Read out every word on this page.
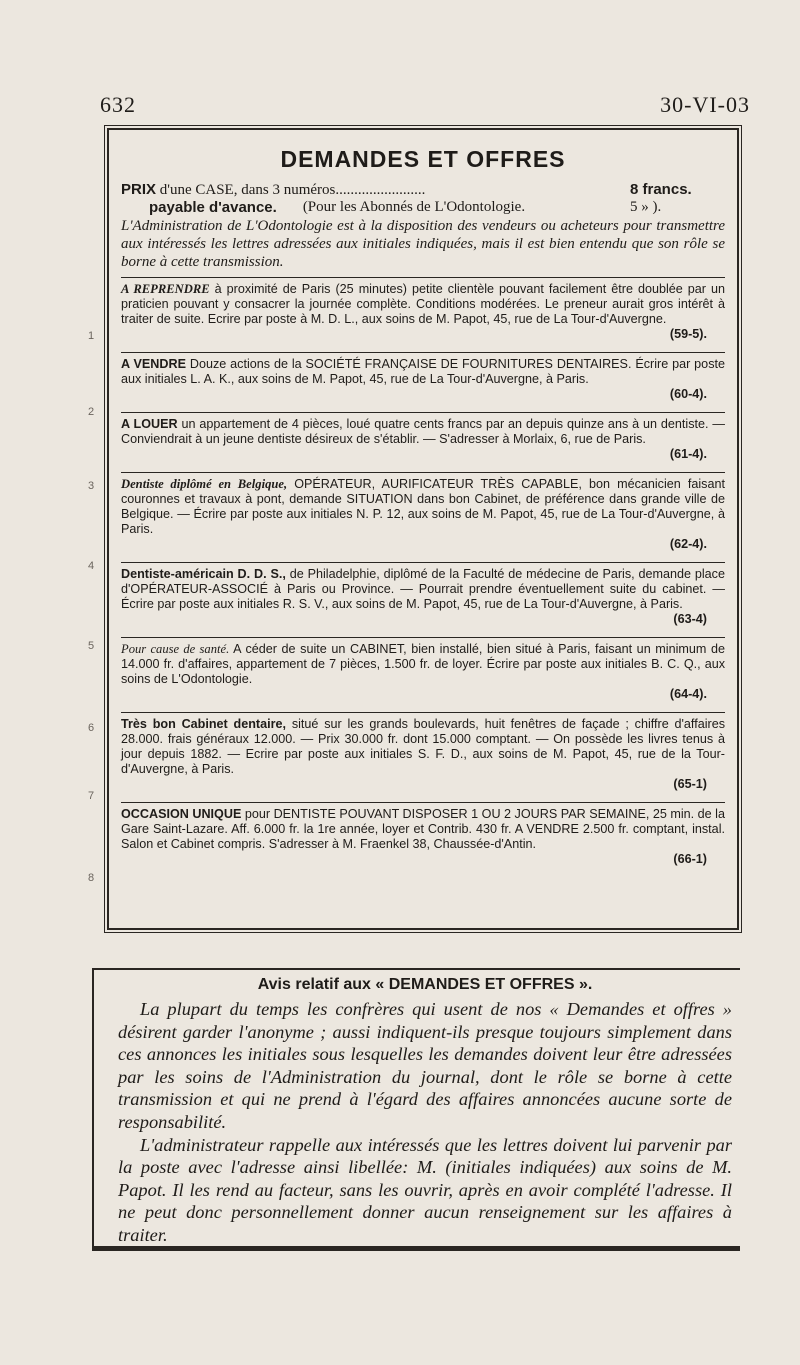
632	30-VI-03
1
2
3
4
5
6
7
8
DEMANDES ET OFFRES
PRIX d'une CASE, dans 3 numéros........................	8 francs.
payable d'avance.	(Pour les Abonnés de L'Odontologie.	5 » ).
L'Administration de L'Odontologie est à la disposition des vendeurs ou acheteurs pour transmettre aux intéressés les lettres adressées aux initiales indiquées, mais il est bien entendu que son rôle se borne à cette transmission.
A REPRENDRE à proximité de Paris (25 minutes) petite clientèle pouvant facilement être doublée par un praticien pouvant y consacrer la journée complète. Conditions modérées. Le preneur aurait gros intérêt à traiter de suite. Ecrire par poste à M. D. L., aux soins de M. Papot, 45, rue de La Tour-d'Auvergne.
(59-5).
A VENDRE Douze actions de la SOCIÉTÉ FRANÇAISE DE FOURNITURES DENTAIRES. Écrire par poste aux initiales L. A. K., aux soins de M. Papot, 45, rue de La Tour-d'Auvergne, à Paris.
(60-4).
A LOUER un appartement de 4 pièces, loué quatre cents francs par an depuis quinze ans à un dentiste. — Conviendrait à un jeune dentiste désireux de s'établir. — S'adresser à Morlaix, 6, rue de Paris.
(61-4).
Dentiste diplômé en Belgique, OPÉRATEUR, AURIFICATEUR TRÈS CAPABLE, bon mécanicien faisant couronnes et travaux à pont, demande SITUATION dans bon Cabinet, de préférence dans grande ville de Belgique. — Écrire par poste aux initiales N. P. 12, aux soins de M. Papot, 45, rue de La Tour-d'Auvergne, à Paris.
(62-4).
Dentiste-américain D. D. S., de Philadelphie, diplômé de la Faculté de médecine de Paris, demande place d'OPÉRATEUR-ASSOCIÉ à Paris ou Province. — Pourrait prendre éventuellement suite du cabinet. — Écrire par poste aux initiales R. S. V., aux soins de M. Papot, 45, rue de La Tour-d'Auvergne, à Paris.
(63-4)
Pour cause de santé. A céder de suite un CABINET, bien installé, bien situé à Paris, faisant un minimum de 14.000 fr. d'affaires, appartement de 7 pièces, 1.500 fr. de loyer. Écrire par poste aux initiales B. C. Q., aux soins de L'Odontologie.
(64-4).
Très bon Cabinet dentaire, situé sur les grands boulevards, huit fenêtres de façade ; chiffre d'affaires 28.000. frais généraux 12.000. — Prix 30.000 fr. dont 15.000 comptant. — On possède les livres tenus à jour depuis 1882. — Ecrire par poste aux initiales S. F. D., aux soins de M. Papot, 45, rue de la Tour-d'Auvergne, à Paris.
(65-1)
OCCASION UNIQUE pour DENTISTE POUVANT DISPOSER 1 OU 2 JOURS PAR SEMAINE, 25 min. de la Gare Saint-Lazare. Aff. 6.000 fr. la 1re année, loyer et Contrib. 430 fr. A VENDRE 2.500 fr. comptant, instal. Salon et Cabinet compris. S'adresser à M. Fraenkel 38, Chaussée-d'Antin.
(66-1)
Avis relatif aux « DEMANDES ET OFFRES ».

La plupart du temps les confrères qui usent de nos « Demandes et offres » désirent garder l'anonyme ; aussi indiquent-ils presque toujours simplement dans ces annonces les initiales sous lesquelles les demandes doivent leur être adressées par les soins de l'Administration du journal, dont le rôle se borne à cette transmission et qui ne prend à l'égard des affaires annoncées aucune sorte de responsabilité.

L'administrateur rappelle aux intéressés que les lettres doivent lui parvenir par la poste avec l'adresse ainsi libellée: M. (initiales indiquées) aux soins de M. Papot. Il les rend au facteur, sans les ouvrir, après en avoir complété l'adresse. Il ne peut donc personnellement donner aucun renseignement sur les affaires à traiter.
